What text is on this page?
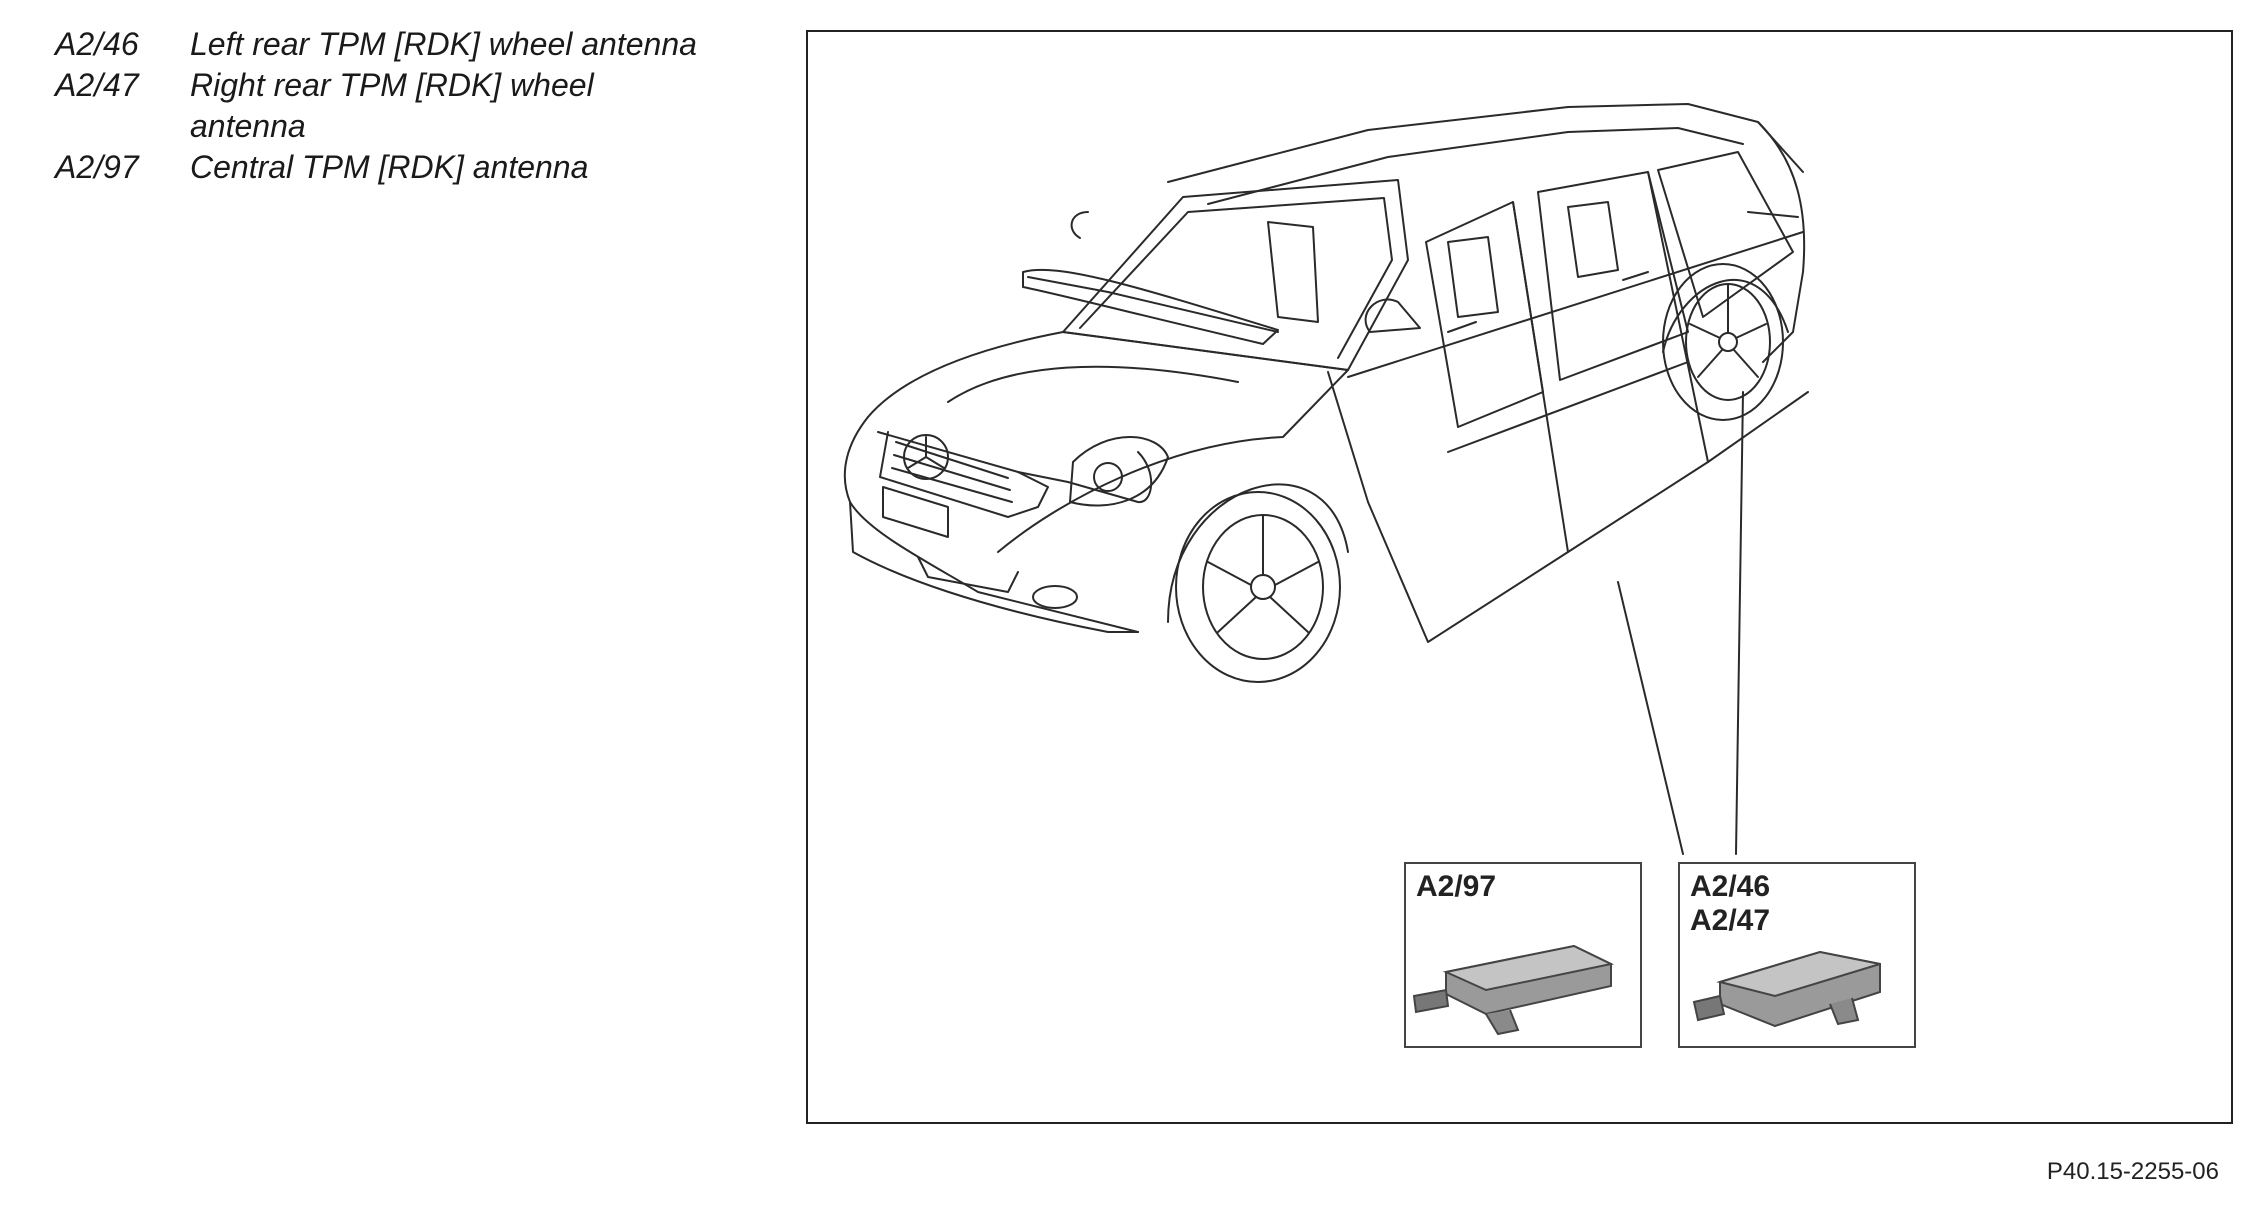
A2/46	Left rear TPM [RDK] wheel antenna
A2/47	Right rear TPM [RDK] wheel antenna
A2/97	Central TPM [RDK] antenna
A2/97	A2/46
A2/47
P40.15-2255-06
